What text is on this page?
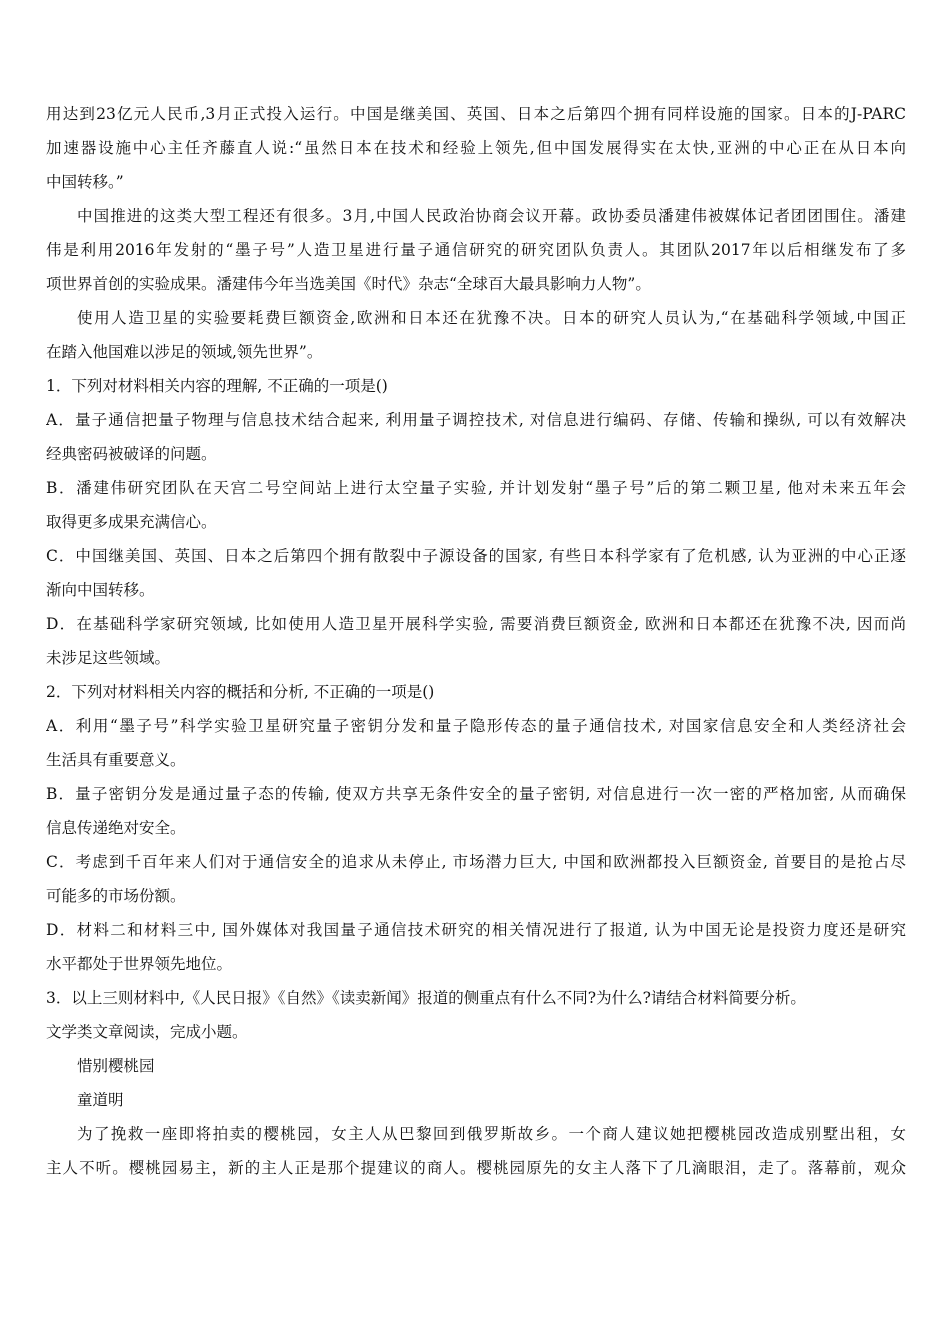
用达到23亿元人民币,3月正式投入运行。中国是继美国、英国、日本之后第四个拥有同样设施的国家。日本的J-PARC
加速器设施中心主任齐藤直人说:“虽然日本在技术和经验上领先,但中国发展得实在太快,亚洲的中心正在从日本向
中国转移。”
中国推进的这类大型工程还有很多。3月,中国人民政治协商会议开幕。政协委员潘建伟被媒体记者团团围住。潘建
伟是利用2016年发射的“墨子号”人造卫星进行量子通信研究的研究团队负责人。其团队2017年以后相继发布了多
项世界首创的实验成果。潘建伟今年当选美国《时代》杂志“全球百大最具影响力人物”。
使用人造卫星的实验要耗费巨额资金,欧洲和日本还在犹豫不决。日本的研究人员认为,“在基础科学领域,中国正
在踏入他国难以涉足的领域,领先世界”。
1．下列对材料相关内容的理解, 不正确的一项是()
A．量子通信把量子物理与信息技术结合起来, 利用量子调控技术, 对信息进行编码、存储、传输和操纵, 可以有效解决
经典密码被破译的问题。
B．潘建伟研究团队在天宫二号空间站上进行太空量子实验, 并计划发射“墨子号”后的第二颗卫星, 他对未来五年会
取得更多成果充满信心。
C．中国继美国、英国、日本之后第四个拥有散裂中子源设备的国家, 有些日本科学家有了危机感, 认为亚洲的中心正逐
渐向中国转移。
D．在基础科学家研究领域, 比如使用人造卫星开展科学实验, 需要消费巨额资金, 欧洲和日本都还在犹豫不决, 因而尚
未涉足这些领域。
2．下列对材料相关内容的概括和分析, 不正确的一项是()
A．利用“墨子号”科学实验卫星研究量子密钥分发和量子隐形传态的量子通信技术, 对国家信息安全和人类经济社会
生活具有重要意义。
B．量子密钥分发是通过量子态的传输, 使双方共享无条件安全的量子密钥, 对信息进行一次一密的严格加密, 从而确保
信息传递绝对安全。
C．考虑到千百年来人们对于通信安全的追求从未停止, 市场潜力巨大, 中国和欧洲都投入巨额资金, 首要目的是抢占尽
可能多的市场份额。
D．材料二和材料三中, 国外媒体对我国量子通信技术研究的相关情况进行了报道, 认为中国无论是投资力度还是研究
水平都处于世界领先地位。
3．以上三则材料中,《人民日报》《自然》《读卖新闻》报道的侧重点有什么不同?为什么?请结合材料简要分析。
文学类文章阅读，完成小题。
惜别樱桃园
童道明
为了挽救一座即将拍卖的樱桃园，女主人从巴黎回到俄罗斯故乡。一个商人建议她把樱桃园改造成别墅出租，女
主人不听。樱桃园易主，新的主人正是那个提建议的商人。樱桃园原先的女主人落下了几滴眼泪，走了。落幕前，观众
